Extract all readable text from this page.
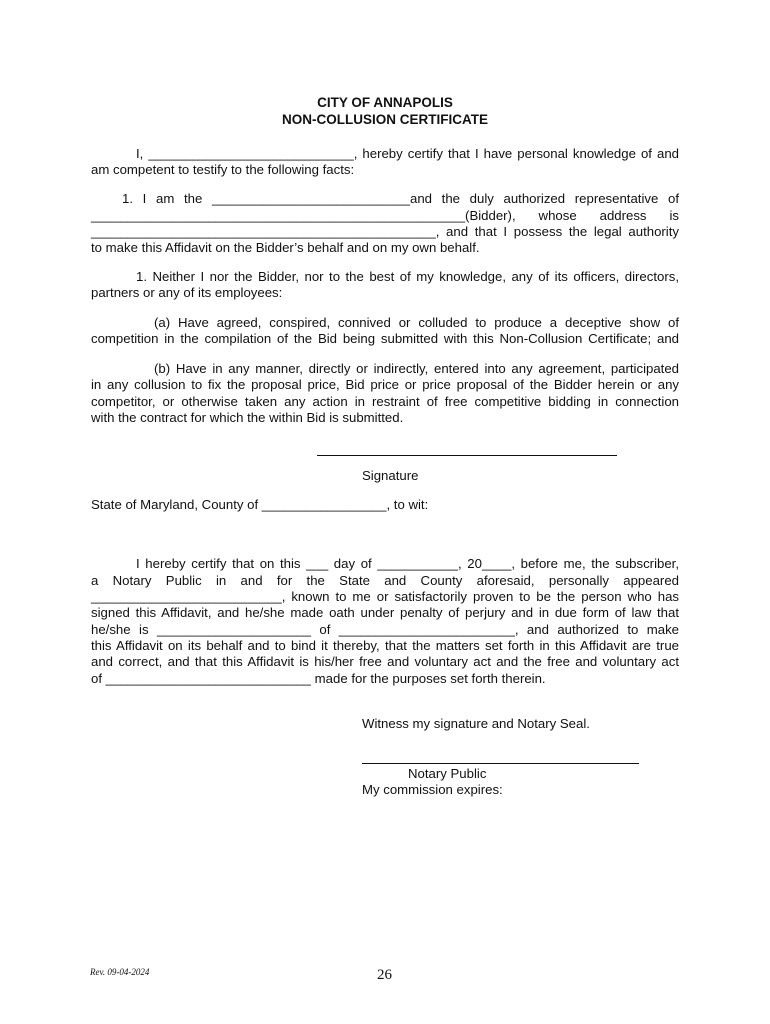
CITY OF ANNAPOLIS
NON-COLLUSION CERTIFICATE
I, ____________________________, hereby certify that I have personal knowledge of and
am competent to testify to the following facts:
1. I am the ___________________________and the duly authorized representative of
___________________________________________________(Bidder), whose address is
_______________________________________________, and that I possess the legal authority
to make this Affidavit on the Bidder’s behalf and on my own behalf.
1. Neither I nor the Bidder, nor to the best of my knowledge, any of its officers, directors,
partners or any of its employees:
(a) Have agreed, conspired, connived or colluded to produce a deceptive show of
competition in the compilation of the Bid being submitted with this Non-Collusion Certificate; and
(b) Have in any manner, directly or indirectly, entered into any agreement, participated
in any collusion to fix the proposal price, Bid price or price proposal of the Bidder herein or any
competitor, or otherwise taken any action in restraint of free competitive bidding in connection
with the contract for which the within Bid is submitted.
Signature
State of Maryland, County of _________________, to wit:
I hereby certify that on this ___ day of ___________, 20____, before me, the subscriber,
a Notary Public in and for the State and County aforesaid, personally appeared
__________________________, known to me or satisfactorily proven to be the person who has
signed this Affidavit, and he/she made oath under penalty of perjury and in due form of law that
he/she is _____________________ of ________________________, and authorized to make
this Affidavit on its behalf and to bind it thereby, that the matters set forth in this Affidavit are true
and correct, and that this Affidavit is his/her free and voluntary act and the free and voluntary act
of ____________________________ made for the purposes set forth therein.
Witness my signature and Notary Seal.
Notary Public
My commission expires:
Rev. 09-04-2024	26
